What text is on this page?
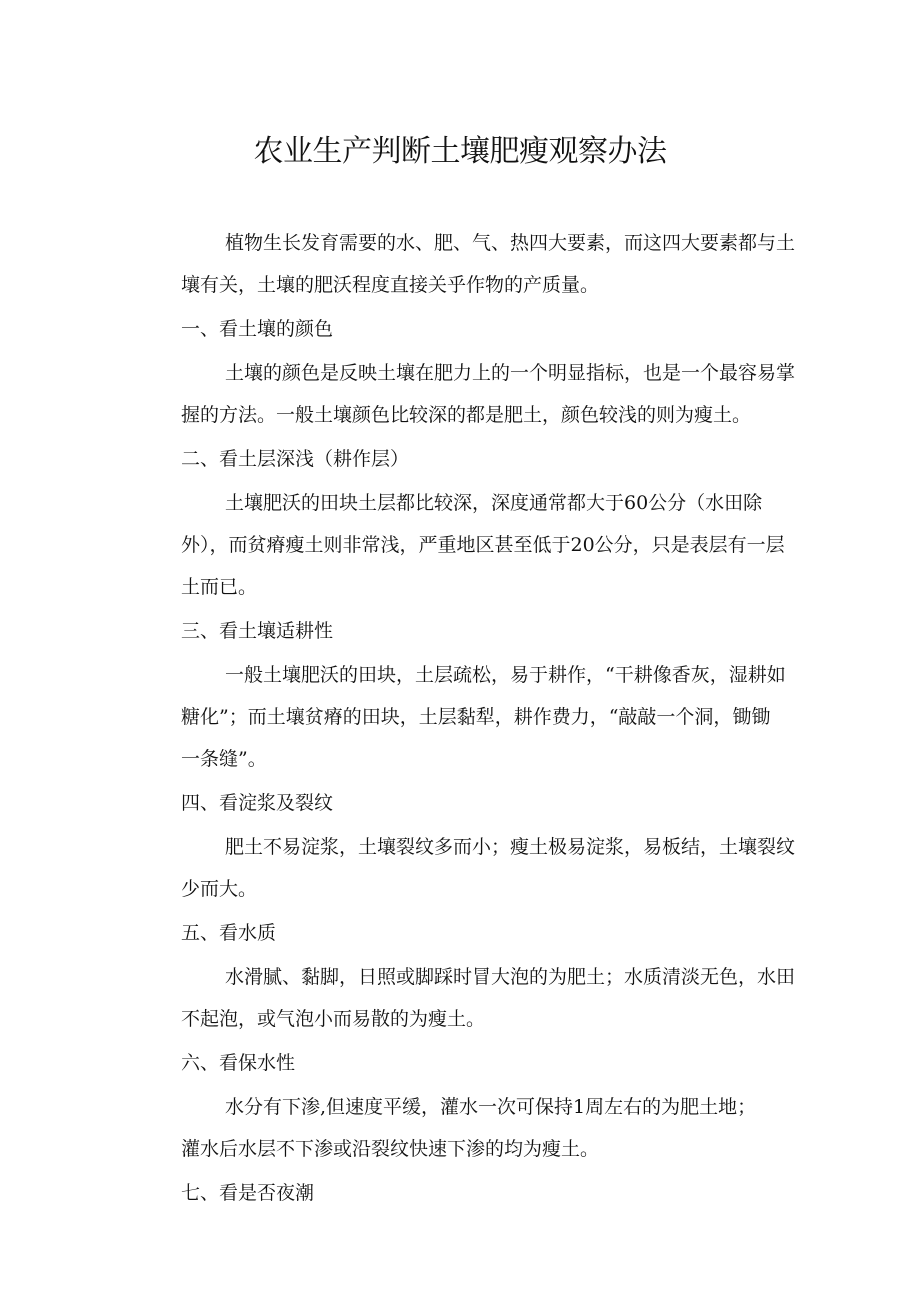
农业生产判断土壤肥瘦观察办法
植物生长发育需要的水、肥、气、热四大要素，而这四大要素都与土
壤有关，土壤的肥沃程度直接关乎作物的产质量。
一、看土壤的颜色
土壤的颜色是反映土壤在肥力上的一个明显指标，也是一个最容易掌
握的方法。一般土壤颜色比较深的都是肥土，颜色较浅的则为瘦土。
二、看土层深浅（耕作层）
土壤肥沃的田块土层都比较深，深度通常都大于60公分（水田除
外），而贫瘠瘦土则非常浅，严重地区甚至低于20公分，只是表层有一层
土而已。
三、看土壤适耕性
一般土壤肥沃的田块，土层疏松，易于耕作，“干耕像香灰，湿耕如
糖化”；而土壤贫瘠的田块，土层黏犁，耕作费力，“敲敲一个洞，锄锄
一条缝”。
四、看淀浆及裂纹
肥土不易淀浆，土壤裂纹多而小；瘦土极易淀浆，易板结，土壤裂纹
少而大。
五、看水质
水滑腻、黏脚，日照或脚踩时冒大泡的为肥土；水质清淡无色，水田
不起泡，或气泡小而易散的为瘦土。
六、看保水性
水分有下渗,但速度平缓，灌水一次可保持1周左右的为肥土地；
灌水后水层不下渗或沿裂纹快速下渗的均为瘦土。
七、看是否夜潮
